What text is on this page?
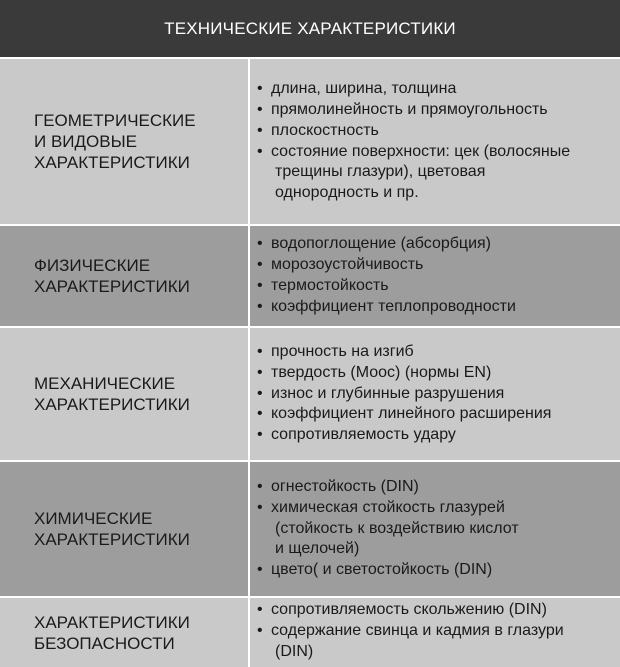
ТЕХНИЧЕСКИЕ ХАРАКТЕРИСТИКИ
ГЕОМЕТРИЧЕСКИЕ
И ВИДОВЫЕ
ХАРАКТЕРИСТИКИ
• длина, ширина, толщина
• прямолинейность и прямоугольность
• плоскостность
• состояние поверхности: цек (волосяные
трещины глазури), цветовая
однородность и пр.
ФИЗИЧЕСКИЕ
ХАРАКТЕРИСТИКИ
• водопоглощение (абсорбция)
• морозоустойчивость
• термостойкость
• коэффициент теплопроводности
МЕХАНИЧЕСКИЕ
ХАРАКТЕРИСТИКИ
• прочность на изгиб
• твердость (Моос) (нормы EN)
• износ и глубинные разрушения
• коэффициент линейного расширения
• сопротивляемость удару
ХИМИЧЕСКИЕ
ХАРАКТЕРИСТИКИ
• огнестойкость (DIN)
• химическая стойкость глазурей
(стойкость к воздействию кислот
и щелочей)
• цвето( и светостойкость (DIN)
ХАРАКТЕРИСТИКИ
БЕЗОПАСНОСТИ
• сопротивляемость скольжению (DIN)
• содержание свинца и кадмия в глазури
(DIN)
